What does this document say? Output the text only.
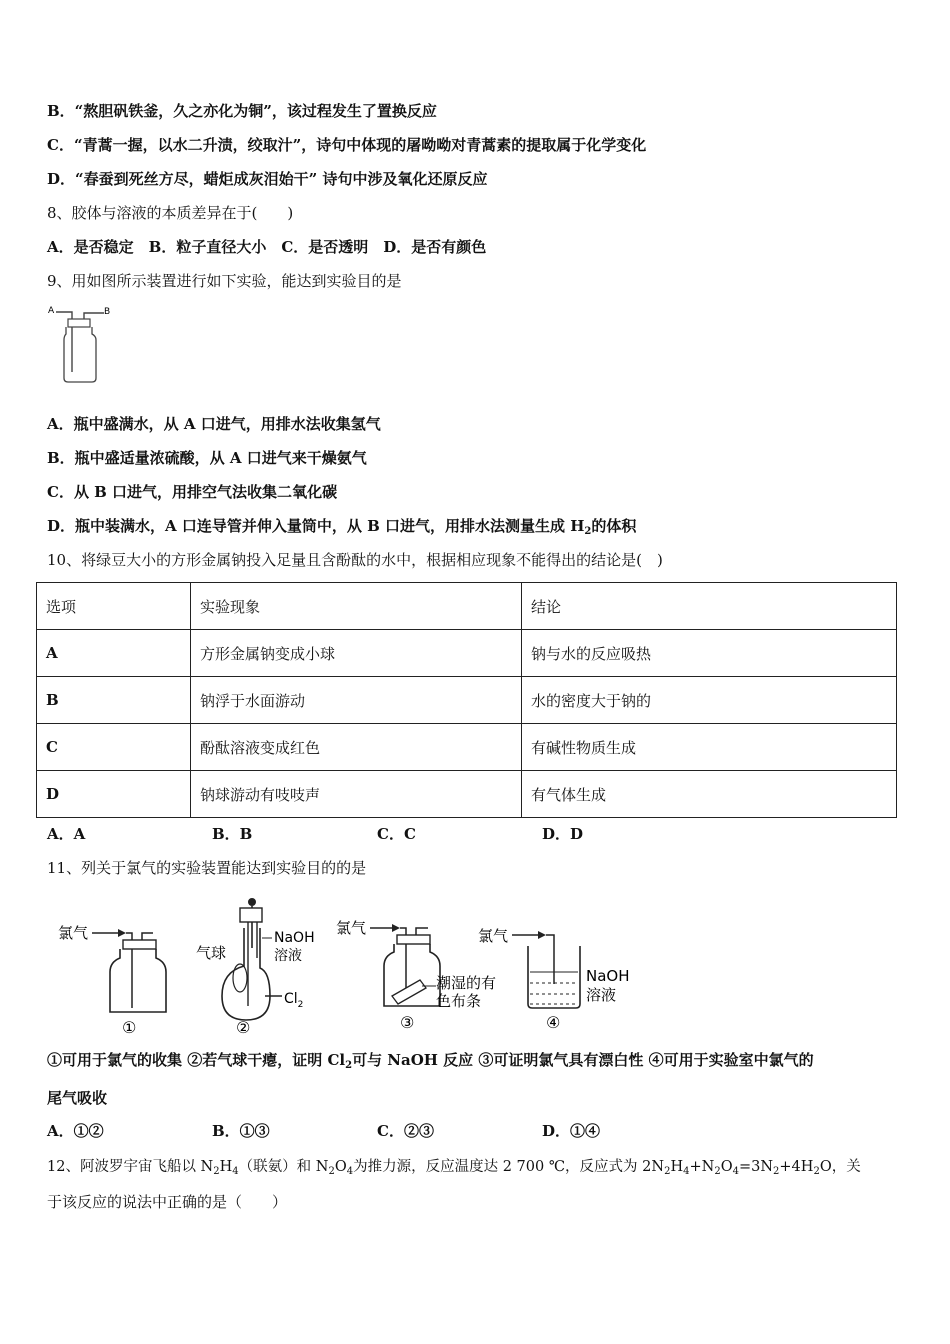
B．“熬胆矾铁釜，久之亦化为铜”，该过程发生了置换反应
C．“青蒿一握，以水二升渍，绞取汁”，诗句中体现的屠呦呦对青蒿素的提取属于化学变化
D．“春蚕到死丝方尽，蜡炬成灰泪始干” 诗句中涉及氧化还原反应
8、胶体与溶液的本质差异在于(　　)
A．是否稳定　B．粒子直径大小　C．是否透明　D．是否有颜色
9、用如图所示装置进行如下实验，能达到实验目的是
A	B
A．瓶中盛满水，从 A 口进气，用排水法收集氢气
B．瓶中盛适量浓硫酸，从 A 口进气来干燥氨气
C．从 B 口进气，用排空气法收集二氧化碳
D．瓶中装满水，A 口连导管并伸入量筒中，从 B 口进气，用排水法测量生成 $H_2$的体积
10、将绿豆大小的方形金属钠投入足量且含酚酞的水中，根据相应现象不能得出的结论是(　)
选项	实验现象	结论
A	方形金属钠变成小球	钠与水的反应吸热
B	钠浮于水面游动	水的密度大于钠的
C	酚酞溶液变成红色	有碱性物质生成
D	钠球游动有吱吱声	有气体生成
A．A	B．B	C．C	D．D
11、列关于氯气的实验装置能达到实验目的的是
氯气
①
气球
NaOH
溶液
$Cl_2$
②
氯气
潮湿的有
色布条
③
氯气
NaOH
溶液
④
①可用于氯气的收集 ②若气球干瘪，证明 $Cl_2$可与 NaOH 反应 ③可证明氯气具有漂白性 ④可用于实验室中氯气的
尾气吸收
A．①②	B．①③	C．②③	D．①④
12、阿波罗宇宙飞船以 $N_2H_4$（联氨）和 $N_2O_4$为推力源，反应温度达 2 700 ℃，反应式为 $2N_2H_4+N_2O_4=3N_2+4H_2O$，关
于该反应的说法中正确的是（　　）
